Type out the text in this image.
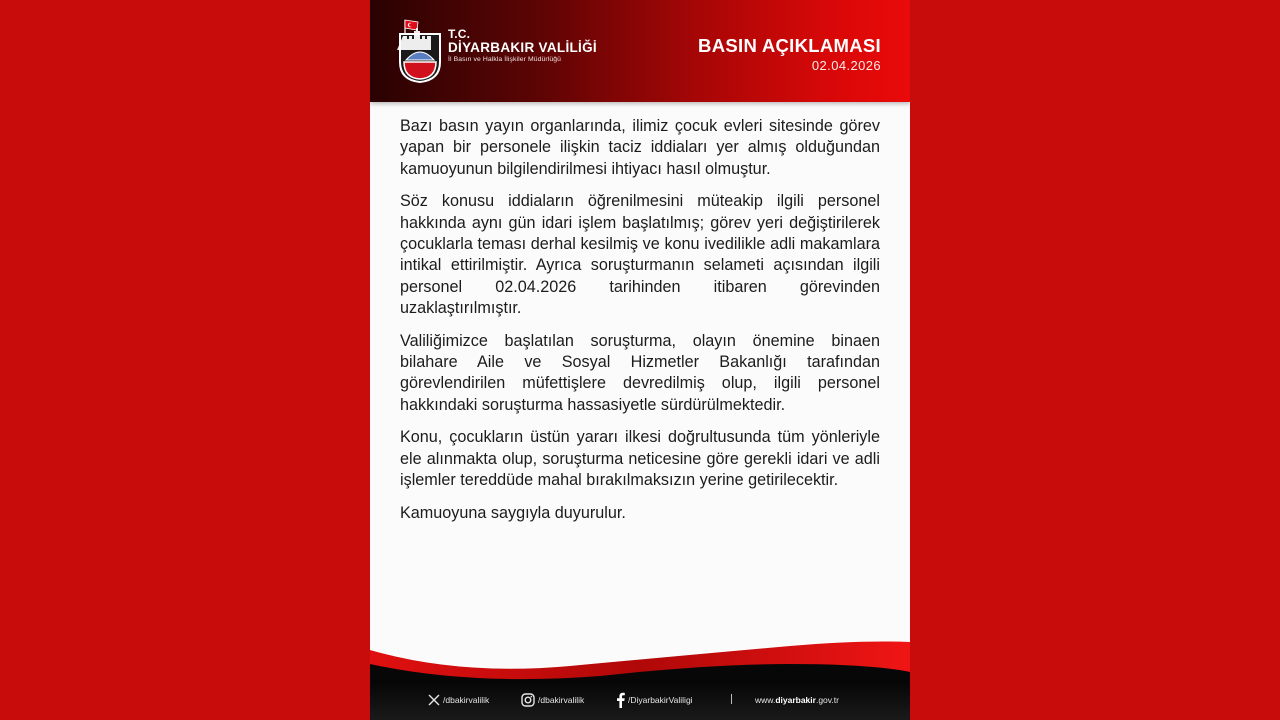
T.C.
DİYARBAKIR VALİLİĞİ
İl Basın ve Halkla İlişkiler Müdürlüğü
BASIN AÇIKLAMASI
02.04.2026

Bazı basın yayın organlarında, ilimiz çocuk evleri sitesinde görev yapan bir personele ilişkin taciz iddiaları yer almış olduğundan kamuoyunun bilgilendirilmesi ihtiyacı hasıl olmuştur.

Söz konusu iddiaların öğrenilmesini müteakip ilgili personel hakkında aynı gün idari işlem başlatılmış; görev yeri değiştirilerek çocuklarla teması derhal kesilmiş ve konu ivedilikle adli makamlara intikal ettirilmiştir. Ayrıca soruşturmanın selameti açısından ilgili personel 02.04.2026 tarihinden itibaren görevinden uzaklaştırılmıştır.

Valiliğimizce başlatılan soruşturma, olayın önemine binaen bilahare Aile ve Sosyal Hizmetler Bakanlığı tarafından görevlendirilen müfettişlere devredilmiş olup, ilgili personel hakkındaki soruşturma hassasiyetle sürdürülmektedir.

Konu, çocukların üstün yararı ilkesi doğrultusunda tüm yönleriyle ele alınmakta olup, soruşturma neticesine göre gerekli idari ve adli işlemler tereddüde mahal bırakılmaksızın yerine getirilecektir.

Kamuoyuna saygıyla duyurulur.

/dbakirvalilik	/dbakirvalilik	/DiyarbakirValiligi	www.diyarbakir.gov.tr
